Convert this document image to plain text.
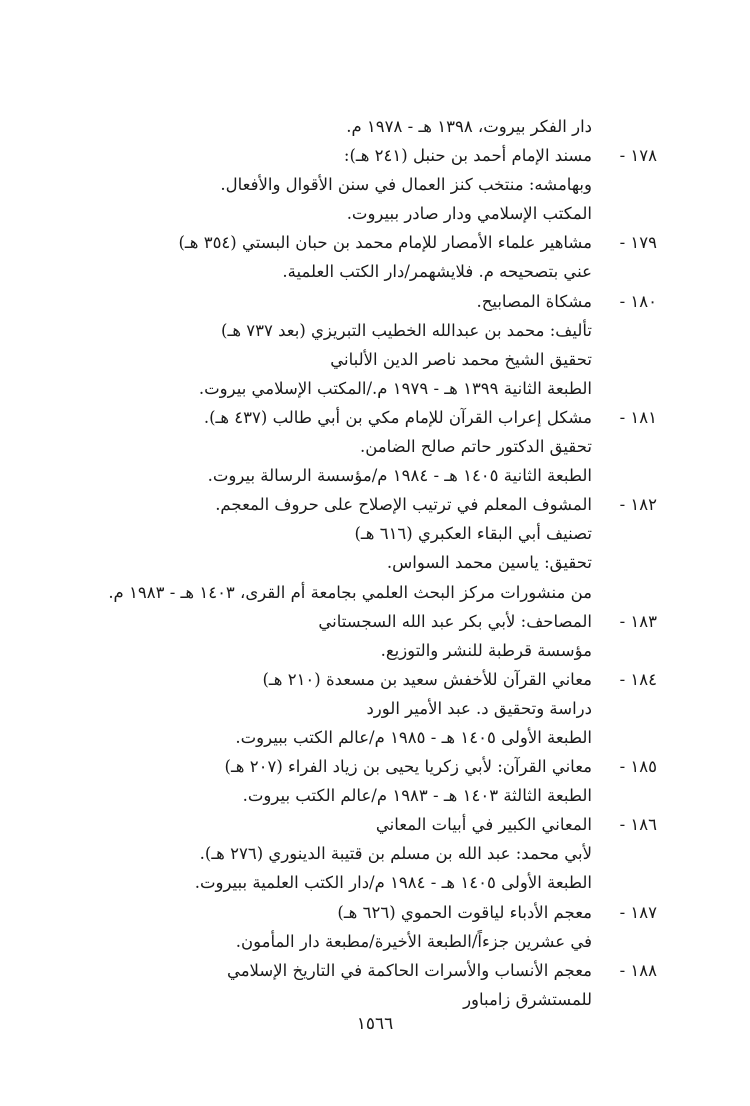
دار الفكر بيروت، ١٣٩٨ هـ - ١٩٧٨ م.
١٧٨ -
مسند الإمام أحمد بن حنبل (٢٤١ هـ):
وبهامشه: منتخب كنز العمال في سنن الأقوال والأفعال.
المكتب الإسلامي ودار صادر ببيروت.
١٧٩ -
مشاهير علماء الأمصار للإمام محمد بن حبان البستي (٣٥٤ هـ)
عني بتصحيحه م. فلايشهمر/دار الكتب العلمية.
١٨٠ -
مشكاة المصابيح.
تأليف: محمد بن عبدالله الخطيب التبريزي (بعد ٧٣٧ هـ)
تحقيق الشيخ محمد ناصر الدين الألباني
الطبعة الثانية ١٣٩٩ هـ - ١٩٧٩ م./المكتب الإسلامي بيروت.
١٨١ -
مشكل إعراب القرآن للإمام مكي بن أبي طالب (٤٣٧ هـ).
تحقيق الدكتور حاتم صالح الضامن.
الطبعة الثانية ١٤٠٥ هـ - ١٩٨٤ م/مؤسسة الرسالة بيروت.
١٨٢ -
المشوف المعلم في ترتيب الإصلاح على حروف المعجم.
تصنيف أبي البقاء العكبري (٦١٦ هـ)
تحقيق: ياسين محمد السواس.
من منشورات مركز البحث العلمي بجامعة أم القرى، ١٤٠٣ هـ - ١٩٨٣ م.
١٨٣ -
المصاحف: لأبي بكر عبد الله السجستاني
مؤسسة قرطبة للنشر والتوزيع.
١٨٤ -
معاني القرآن للأخفش سعيد بن مسعدة (٢١٠ هـ)
دراسة وتحقيق د. عبد الأمير الورد
الطبعة الأولى ١٤٠٥ هـ - ١٩٨٥ م/عالم الكتب ببيروت.
١٨٥ -
معاني القرآن: لأبي زكريا يحيى بن زياد الفراء (٢٠٧ هـ)
الطبعة الثالثة ١٤٠٣ هـ - ١٩٨٣ م/عالم الكتب بيروت.
١٨٦ -
المعاني الكبير في أبيات المعاني
لأبي محمد: عبد الله بن مسلم بن قتيبة الدينوري (٢٧٦ هـ).
الطبعة الأولى ١٤٠٥ هـ - ١٩٨٤ م/دار الكتب العلمية ببيروت.
١٨٧ -
معجم الأدباء لياقوت الحموي (٦٢٦ هـ)
في عشرين جزءاً/الطبعة الأخيرة/مطبعة دار المأمون.
١٨٨ -
معجم الأنساب والأسرات الحاكمة في التاريخ الإسلامي
للمستشرق زامباور
١٥٦٦
